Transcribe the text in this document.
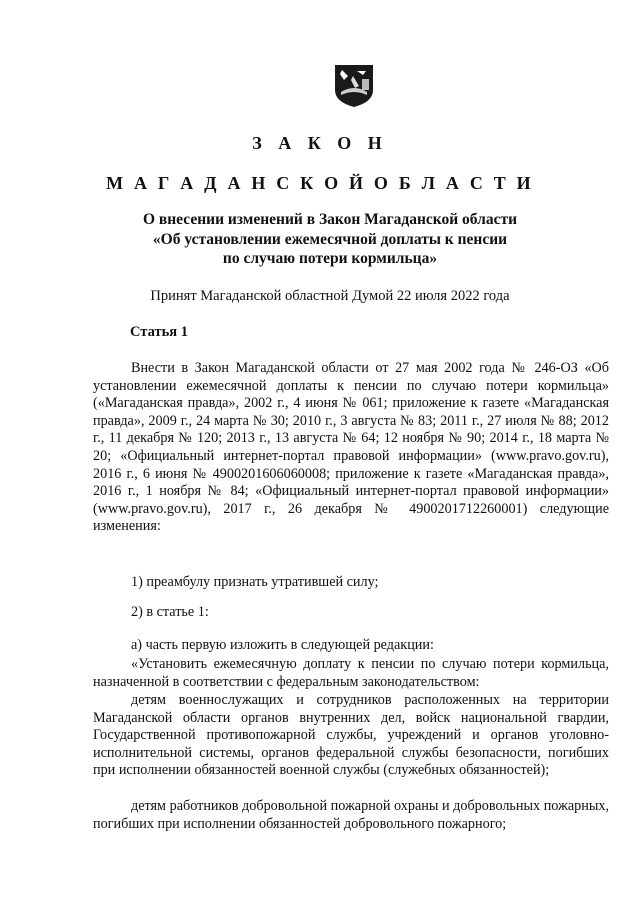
З А К О Н
М А Г А Д А Н С К О Й О Б Л А С Т И
О внесении изменений в Закон Магаданской области
«Об установлении ежемесячной доплаты к пенсии
по случаю потери кормильца»
Принят Магаданской областной Думой 22 июля 2022 года
Статья 1
Внести в Закон Магаданской области от 27 мая 2002 года № 246-ОЗ «Об установлении ежемесячной доплаты к пенсии по случаю потери кормильца» («Магаданская правда», 2002 г., 4 июня № 061; приложение к газете «Магаданская правда», 2009 г., 24 марта № 30; 2010 г., 3 августа № 83; 2011 г., 27 июля № 88; 2012 г., 11 декабря № 120; 2013 г., 13 августа № 64; 12 ноября № 90; 2014 г., 18 марта № 20; «Официальный интернет-портал правовой информации» (www.pravo.gov.ru), 2016 г., 6 июня № 4900201606060008; приложение к газете «Магаданская правда», 2016 г., 1 ноября № 84; «Официальный интернет-портал правовой информации» (www.pravo.gov.ru), 2017 г., 26 декабря № 4900201712260001) следующие изменения:
1) преамбулу признать утратившей силу;
2) в статье 1:
а) часть первую изложить в следующей редакции:
«Установить ежемесячную доплату к пенсии по случаю потери кормильца, назначенной в соответствии с федеральным законодательством:
детям военнослужащих и сотрудников расположенных на территории Магаданской области органов внутренних дел, войск национальной гвардии, Государственной противопожарной службы, учреждений и органов уголовно-исполнительной системы, органов федеральной службы безопасности, погибших при исполнении обязанностей военной службы (служебных обязанностей);
детям работников добровольной пожарной охраны и добровольных пожарных, погибших при исполнении обязанностей добровольного пожарного;
